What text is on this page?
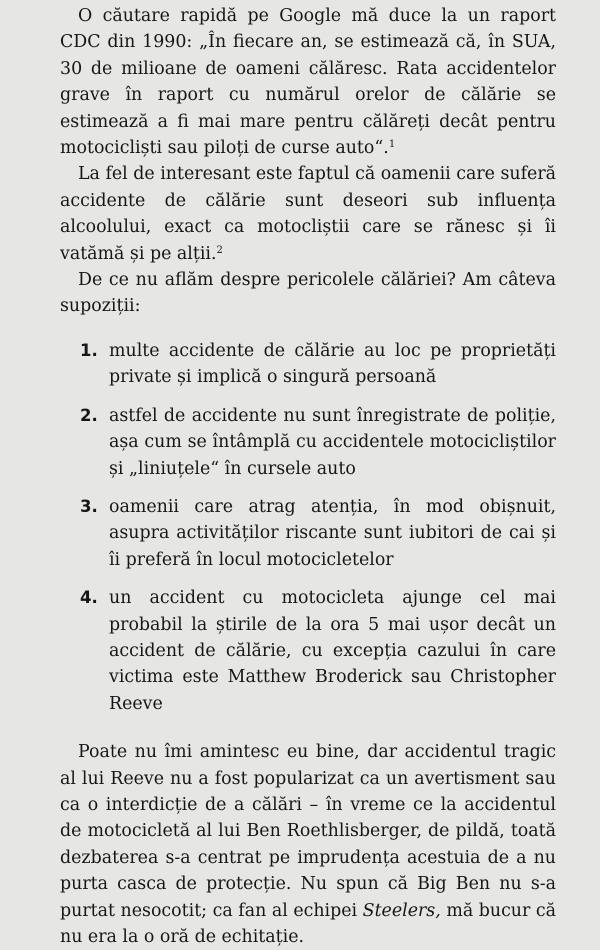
O căutare rapidă pe Google mă duce la un raport CDC din 1990: „În fiecare an, se estimează că, în SUA, 30 de milioane de oameni călăresc. Rata accidentelor grave în raport cu numărul orelor de călărie se estimează a fi mai mare pentru călăreți decât pentru motocicliști sau piloți de curse auto“.$^1$

La fel de interesant este faptul că oamenii care suferă accidente de călărie sunt deseori sub influența alcoolului, exact ca motocliștii care se rănesc și îi vatămă și pe alții.$^2$

De ce nu aflăm despre pericolele călăriei? Am câteva supoziții:

1. multe accidente de călărie au loc pe proprietăți private și implică o singură persoană
2. astfel de accidente nu sunt înregistrate de poliție, așa cum se întâmplă cu accidentele motocicliștilor și „liniuțele“ în cursele auto
3. oamenii care atrag atenția, în mod obișnuit, asupra activităților riscante sunt iubitori de cai și îi preferă în locul motocicletelor
4. un accident cu motocicleta ajunge cel mai probabil la știrile de la ora 5 mai ușor decât un accident de călărie, cu excepția cazului în care victima este Matthew Broderick sau Christopher Reeve

Poate nu îmi amintesc eu bine, dar accidentul tragic al lui Reeve nu a fost popularizat ca un avertisment sau ca o interdicție de a călări – în vreme ce la accidentul de motocicletă al lui Ben Roethlisberger, de pildă, toată dezbaterea s-a centrat pe imprudența acestuia de a nu purta casca de protecție. Nu spun că Big Ben nu s-a purtat nesocotit; ca fan al echipei Steelers, mă bucur că nu era la o oră de echitație.
